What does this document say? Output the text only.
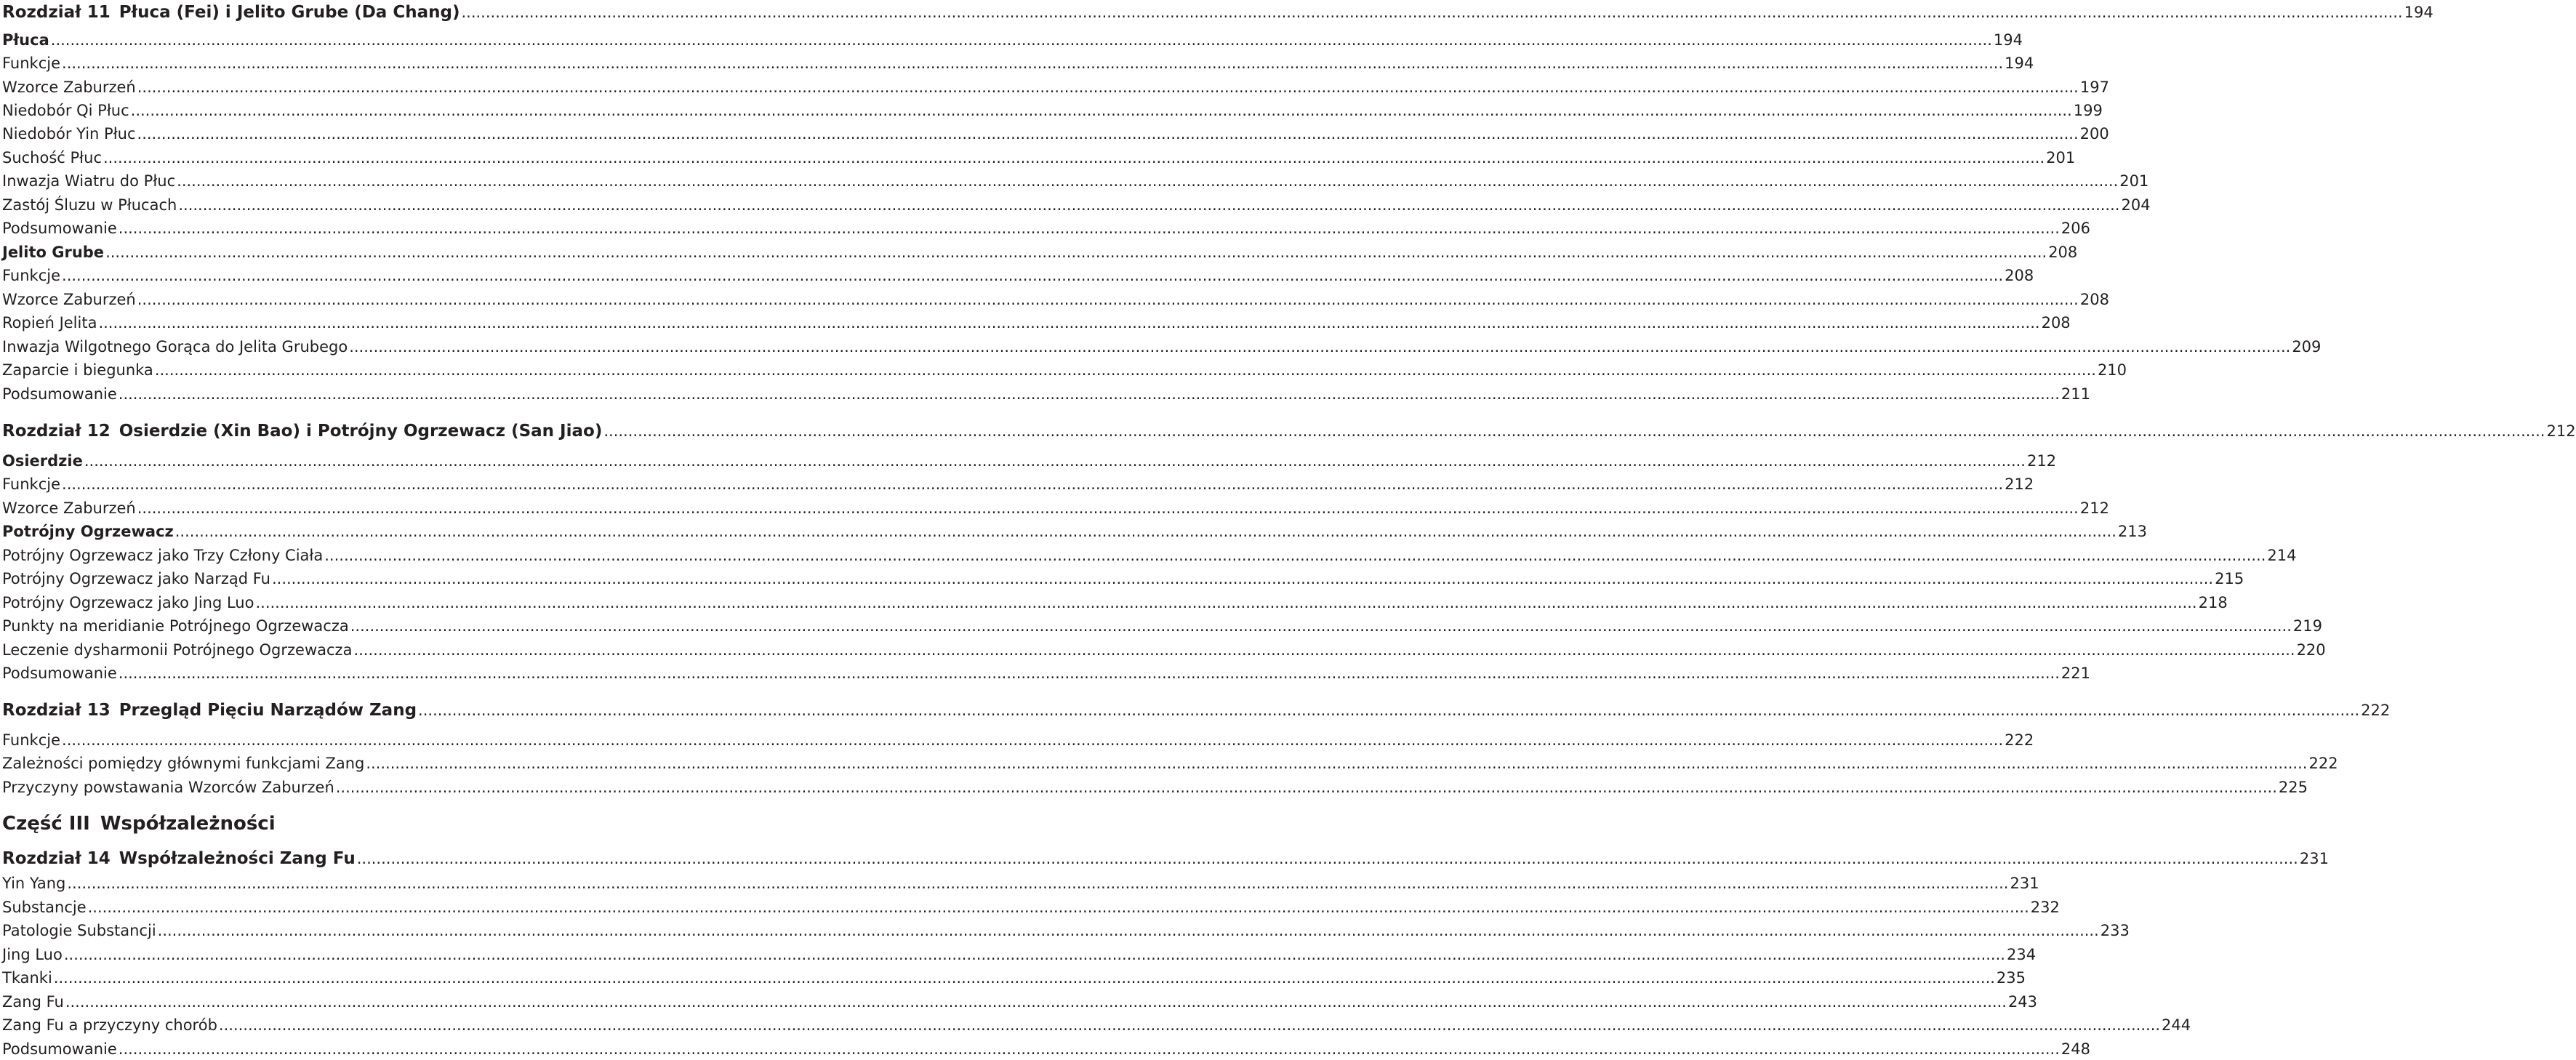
Rozdział 11 Płuca (Fei) i Jelito Grube (Da Chang) ................................................................................................................................................................................................................................................................................................................................................................................................................ 194
Płuca ................................................................................................................................................................................................................................................................................................................................................................................................................ 194
Funkcje ................................................................................................................................................................................................................................................................................................................................................................................................................ 194
Wzorce Zaburzeń ................................................................................................................................................................................................................................................................................................................................................................................................................ 197
Niedobór Qi Płuc ................................................................................................................................................................................................................................................................................................................................................................................................................ 199
Niedobór Yin Płuc ................................................................................................................................................................................................................................................................................................................................................................................................................ 200
Suchość Płuc ................................................................................................................................................................................................................................................................................................................................................................................................................ 201
Inwazja Wiatru do Płuc ................................................................................................................................................................................................................................................................................................................................................................................................................ 201
Zastój Śluzu w Płucach ................................................................................................................................................................................................................................................................................................................................................................................................................ 204
Podsumowanie ................................................................................................................................................................................................................................................................................................................................................................................................................ 206
Jelito Grube ................................................................................................................................................................................................................................................................................................................................................................................................................ 208
Funkcje ................................................................................................................................................................................................................................................................................................................................................................................................................ 208
Wzorce Zaburzeń ................................................................................................................................................................................................................................................................................................................................................................................................................ 208
Ropień Jelita ................................................................................................................................................................................................................................................................................................................................................................................................................ 208
Inwazja Wilgotnego Gorąca do Jelita Grubego ................................................................................................................................................................................................................................................................................................................................................................................................................ 209
Zaparcie i biegunka ................................................................................................................................................................................................................................................................................................................................................................................................................ 210
Podsumowanie ................................................................................................................................................................................................................................................................................................................................................................................................................ 211
Rozdział 12 Osierdzie (Xin Bao) i Potrójny Ogrzewacz (San Jiao) ................................................................................................................................................................................................................................................................................................................................................................................................................ 212
Osierdzie ................................................................................................................................................................................................................................................................................................................................................................................................................ 212
Funkcje ................................................................................................................................................................................................................................................................................................................................................................................................................ 212
Wzorce Zaburzeń ................................................................................................................................................................................................................................................................................................................................................................................................................ 212
Potrójny Ogrzewacz ................................................................................................................................................................................................................................................................................................................................................................................................................ 213
Potrójny Ogrzewacz jako Trzy Człony Ciała ................................................................................................................................................................................................................................................................................................................................................................................................................ 214
Potrójny Ogrzewacz jako Narząd Fu ................................................................................................................................................................................................................................................................................................................................................................................................................ 215
Potrójny Ogrzewacz jako Jing Luo ................................................................................................................................................................................................................................................................................................................................................................................................................ 218
Punkty na meridianie Potrójnego Ogrzewacza ................................................................................................................................................................................................................................................................................................................................................................................................................ 219
Leczenie dysharmonii Potrójnego Ogrzewacza ................................................................................................................................................................................................................................................................................................................................................................................................................ 220
Podsumowanie ................................................................................................................................................................................................................................................................................................................................................................................................................ 221
Rozdział 13 Przegląd Pięciu Narządów Zang ................................................................................................................................................................................................................................................................................................................................................................................................................ 222
Funkcje ................................................................................................................................................................................................................................................................................................................................................................................................................ 222
Zależności pomiędzy głównymi funkcjami Zang ................................................................................................................................................................................................................................................................................................................................................................................................................ 222
Przyczyny powstawania Wzorców Zaburzeń ................................................................................................................................................................................................................................................................................................................................................................................................................ 225
Część III Współzależności
Rozdział 14 Współzależności Zang Fu ................................................................................................................................................................................................................................................................................................................................................................................................................ 231
Yin Yang ................................................................................................................................................................................................................................................................................................................................................................................................................ 231
Substancje ................................................................................................................................................................................................................................................................................................................................................................................................................ 232
Patologie Substancji ................................................................................................................................................................................................................................................................................................................................................................................................................ 233
Jing Luo ................................................................................................................................................................................................................................................................................................................................................................................................................ 234
Tkanki ................................................................................................................................................................................................................................................................................................................................................................................................................ 235
Zang Fu ................................................................................................................................................................................................................................................................................................................................................................................................................ 243
Zang Fu a przyczyny chorób ................................................................................................................................................................................................................................................................................................................................................................................................................ 244
Podsumowanie ................................................................................................................................................................................................................................................................................................................................................................................................................ 248
